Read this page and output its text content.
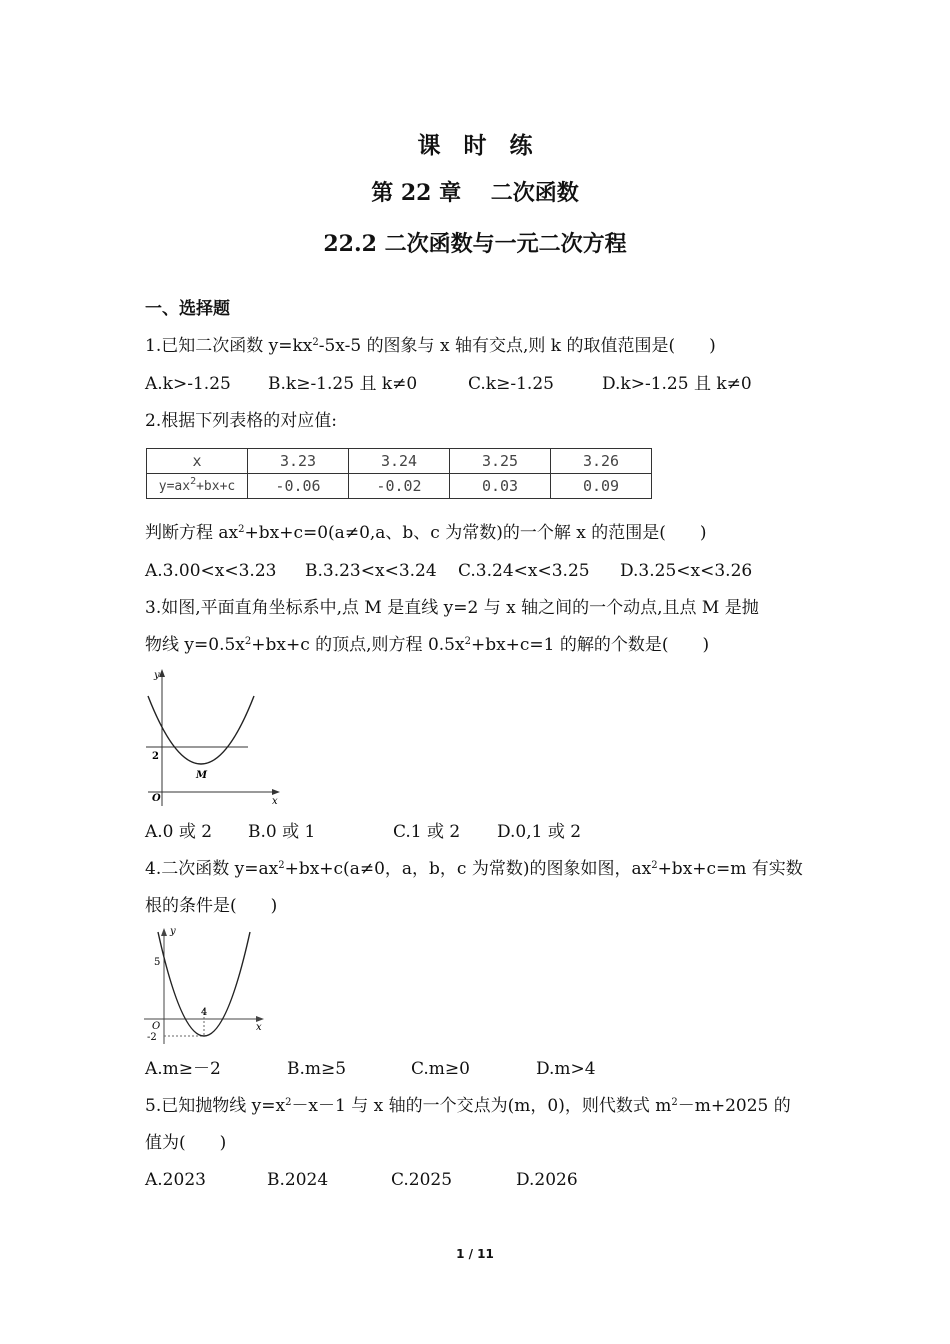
课　时　练
第 22 章　 二次函数
22.2 二次函数与一元二次方程
一、选择题
1.已知二次函数 $y=kx^2-5x-5$ 的图象与 x 轴有交点,则 k 的取值范围是(　　)
A.k>-1.25 B.k≥-1.25 且 k≠0	C.k≥-1.25	D.k>-1.25 且 k≠0
2.根据下列表格的对应值:
x	3.23	3.24	3.25	3.26
$y=ax^2+bx+c$	-0.06	-0.02	0.03	0.09
判断方程 $ax^2+bx+c=0(a\ne 0,a$、b、c 为常数)的一个解 x 的范围是(　　)
A.3.00<x<3.23 B.3.23<x<3.24 C.3.24<x<3.25 D.3.25<x<3.26
3.如图,平面直角坐标系中,点 M 是直线 y=2 与 x 轴之间的一个动点,且点 M 是抛
物线 $y=0.5x^2+bx+c$ 的顶点,则方程 $0.5x^2+bx+c=1$ 的解的个数是(　　)
y
x
O
2
M
A.0 或 2 B.0 或 1	C.1 或 2 D.0,1 或 2
4.二次函数 $y=ax^2+bx+c(a\ne 0$，a，b，c 为常数)的图象如图，$ax^2+bx+c=m$ 有实数
根的条件是(　　)
y
x
5
4
O
-2
A.m≥－2	B.m≥5	C.m≥0	D.m>4
5.已知抛物线 $y=x^2-x-1$ 与 x 轴的一个交点为(m，0)，则代数式 $m^2-m+2025$ 的
值为(　　)
A.2023	B.2024	C.2025	D.2026
1 / 11
